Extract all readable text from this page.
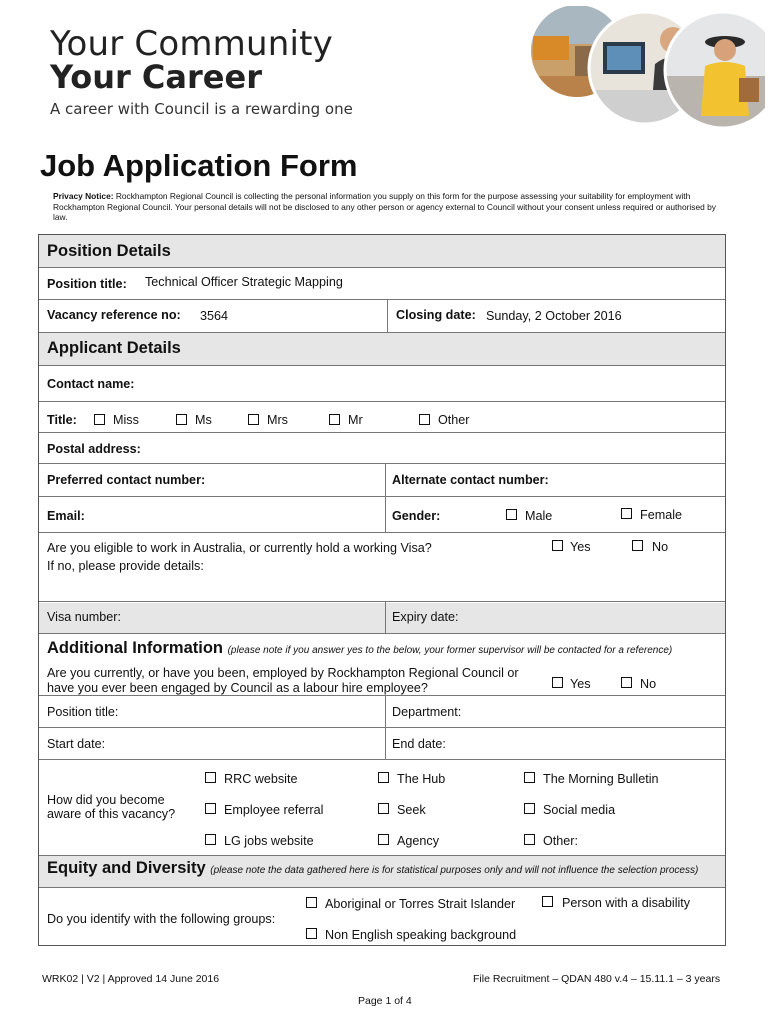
Your Community
Your Career
A career with Council is a rewarding one
Job Application Form
Privacy Notice: Rockhampton Regional Council is collecting the personal information you supply on this form for the purpose assessing your suitability for employment with Rockhampton Regional Council. Your personal details will not be disclosed to any other person or agency external to Council without your consent unless required or authorised by law.
Position Details
Position title: Technical Officer Strategic Mapping
Vacancy reference no: 3564	Closing date: Sunday, 2 October 2016
Applicant Details
Contact name:
Title:	Miss	Ms	Mrs	Mr	Other
Postal address:
Preferred contact number:	Alternate contact number:
Email:	Gender:	Male	Female
Are you eligible to work in Australia, or currently hold a working Visa?	Yes	No
If no, please provide details:
Visa number:	Expiry date:
Additional Information (please note if you answer yes to the below, your former supervisor will be contacted for a reference)
Are you currently, or have you been, employed by Rockhampton Regional Council or
have you ever been engaged by Council as a labour hire employee?	Yes	No
Position title:	Department:
Start date:	End date:
How did you become
aware of this vacancy?
RRC website	The Hub	The Morning Bulletin
Employee referral	Seek	Social media
LG jobs website	Agency	Other:
Equity and Diversity (please note the data gathered here is for statistical purposes only and will not influence the selection process)
Do you identify with the following groups:
Aboriginal or Torres Strait Islander	Person with a disability
Non English speaking background
WRK02 | V2 | Approved 14 June 2016	File Recruitment – QDAN 480 v.4 – 15.11.1 – 3 years
Page 1 of 4
